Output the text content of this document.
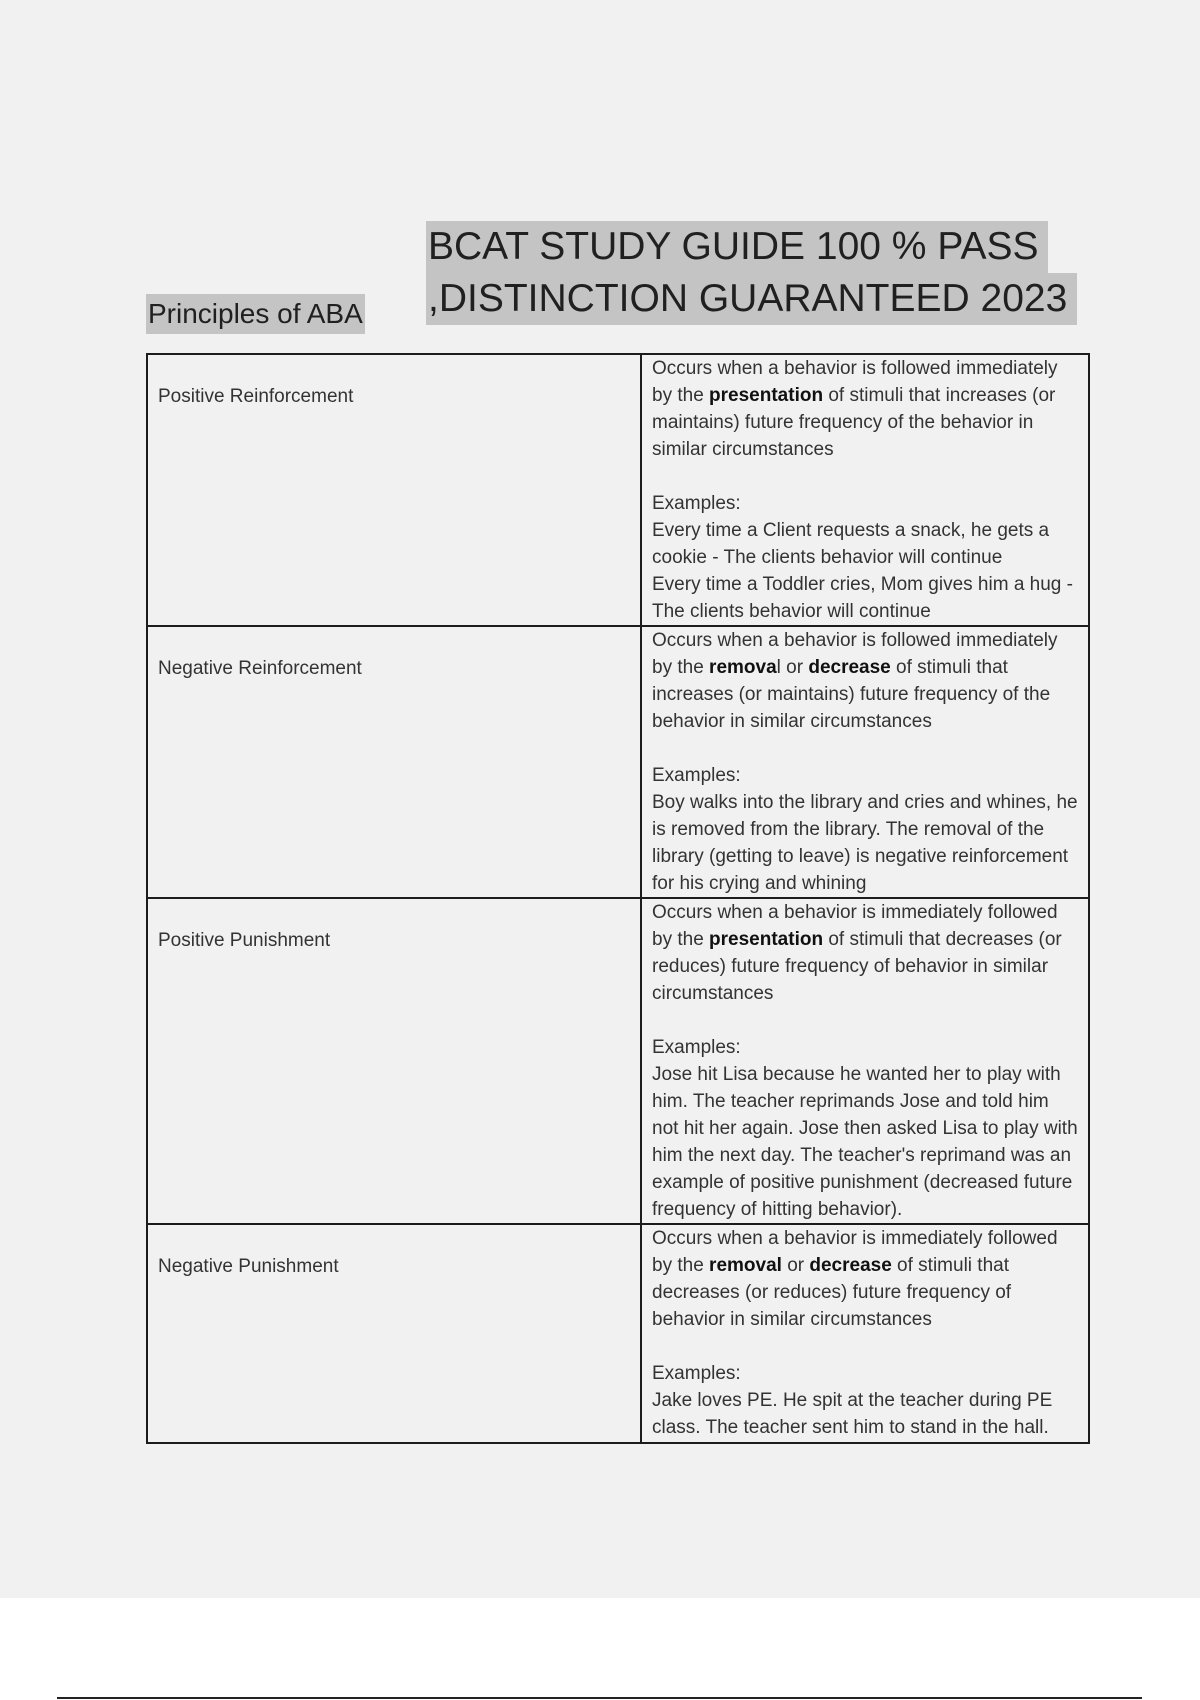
BCAT STUDY GUIDE 100 % PASS
,DISTINCTION GUARANTEED 2023
Principles of ABA
Positive Reinforcement	Occurs when a behavior is followed immediately by the presentation of stimuli that increases (or maintains) future frequency of the behavior in similar circumstances
Examples:
Every time a Client requests a snack, he gets a cookie - The clients behavior will continue
Every time a Toddler cries, Mom gives him a hug - The clients behavior will continue

Negative Reinforcement	Occurs when a behavior is followed immediately by the removal or decrease of stimuli that increases (or maintains) future frequency of the behavior in similar circumstances
Examples:
Boy walks into the library and cries and whines, he is removed from the library. The removal of the library (getting to leave) is negative reinforcement for his crying and whining

Positive Punishment	Occurs when a behavior is immediately followed by the presentation of stimuli that decreases (or reduces) future frequency of behavior in similar circumstances
Examples:
Jose hit Lisa because he wanted her to play with him. The teacher reprimands Jose and told him not hit her again. Jose then asked Lisa to play with him the next day. The teacher's reprimand was an example of positive punishment (decreased future frequency of hitting behavior).

Negative Punishment	Occurs when a behavior is immediately followed by the removal or decrease of stimuli that decreases (or reduces) future frequency of behavior in similar circumstances
Examples:
Jake loves PE. He spit at the teacher during PE class. The teacher sent him to stand in the hall.
